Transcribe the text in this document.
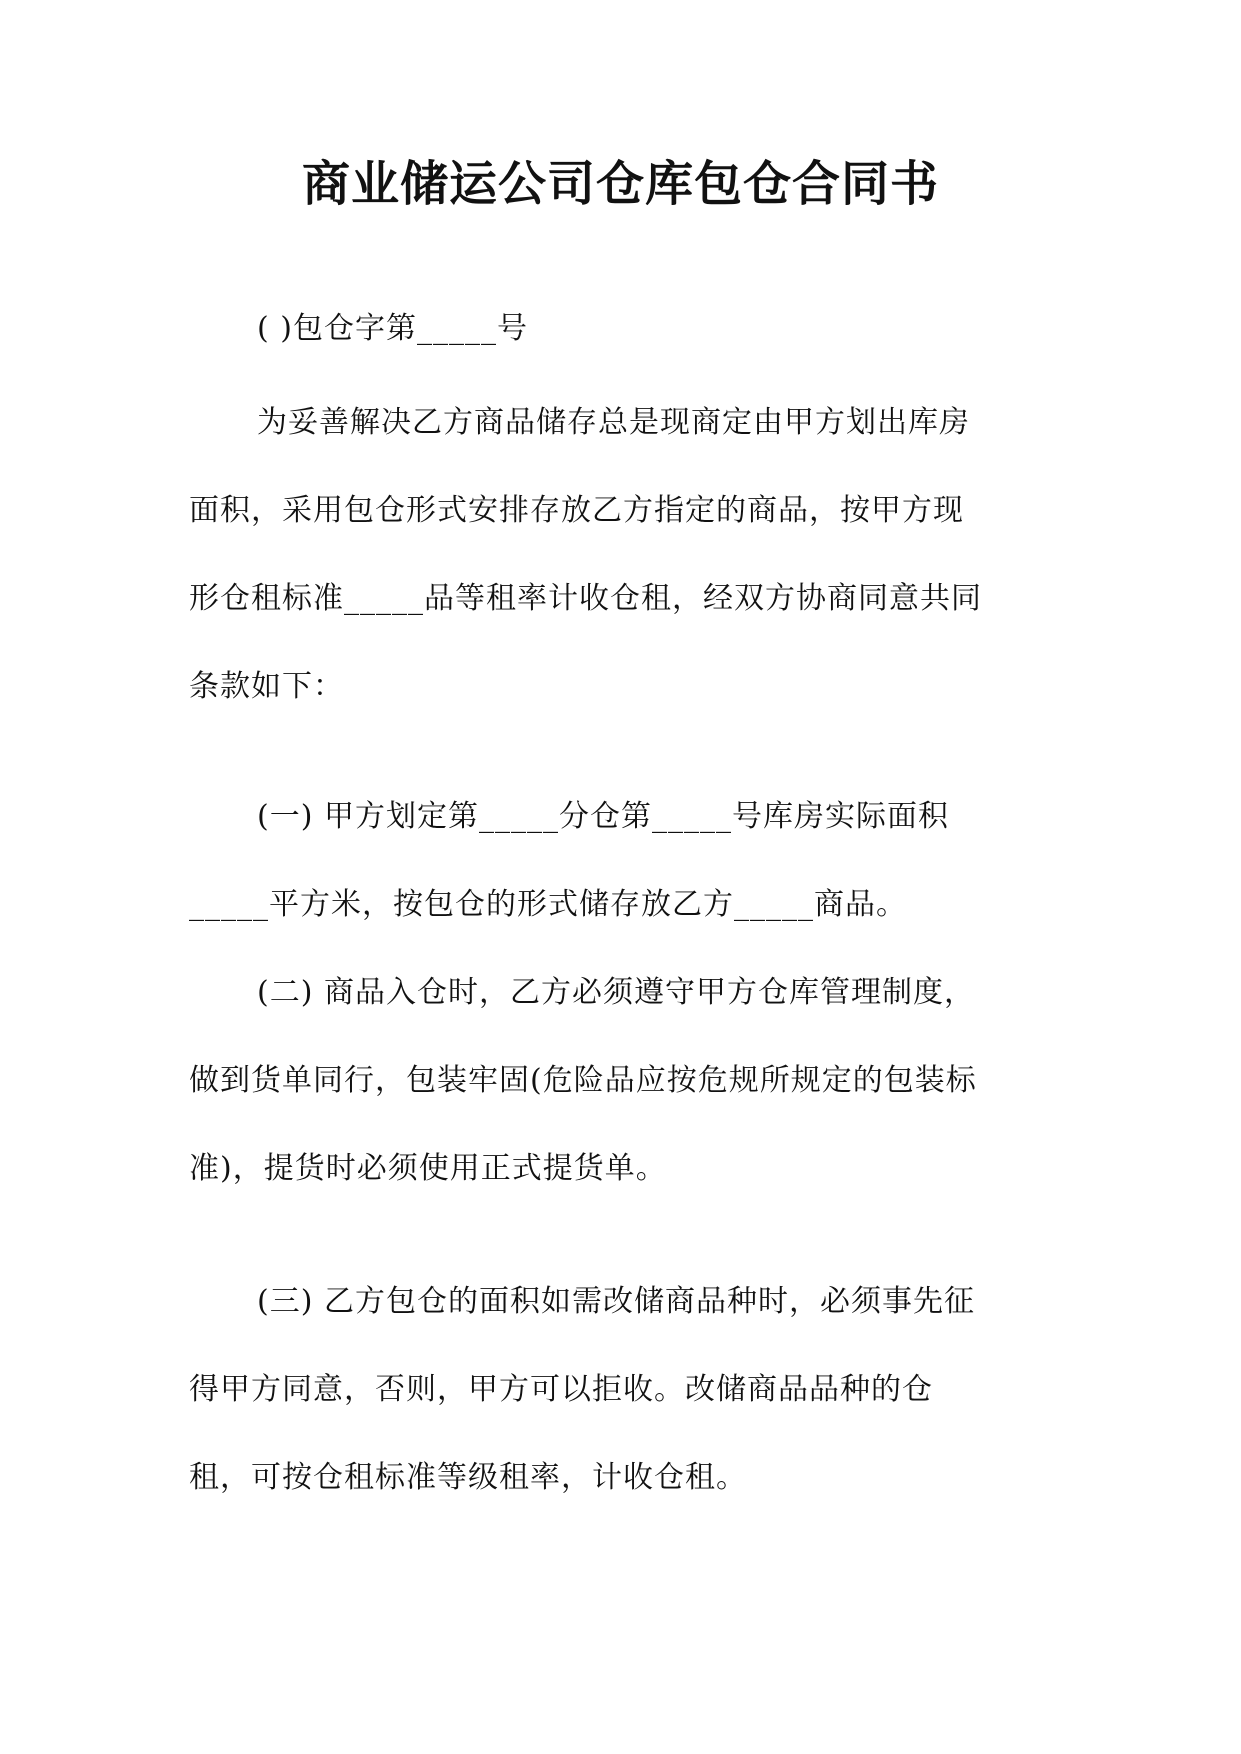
商业储运公司仓库包仓合同书
( )包仓字第_____号
为妥善解决乙方商品储存总是现商定由甲方划出库房
面积，采用包仓形式安排存放乙方指定的商品，按甲方现
形仓租标准_____品等租率计收仓租，经双方协商同意共同
条款如下：
(一) 甲方划定第_____分仓第_____号库房实际面积
_____平方米，按包仓的形式储存放乙方_____商品。
(二) 商品入仓时，乙方必须遵守甲方仓库管理制度，
做到货单同行，包装牢固(危险品应按危规所规定的包装标
准)，提货时必须使用正式提货单。
(三) 乙方包仓的面积如需改储商品种时，必须事先征
得甲方同意，否则，甲方可以拒收。改储商品品种的仓
租，可按仓租标准等级租率，计收仓租。
